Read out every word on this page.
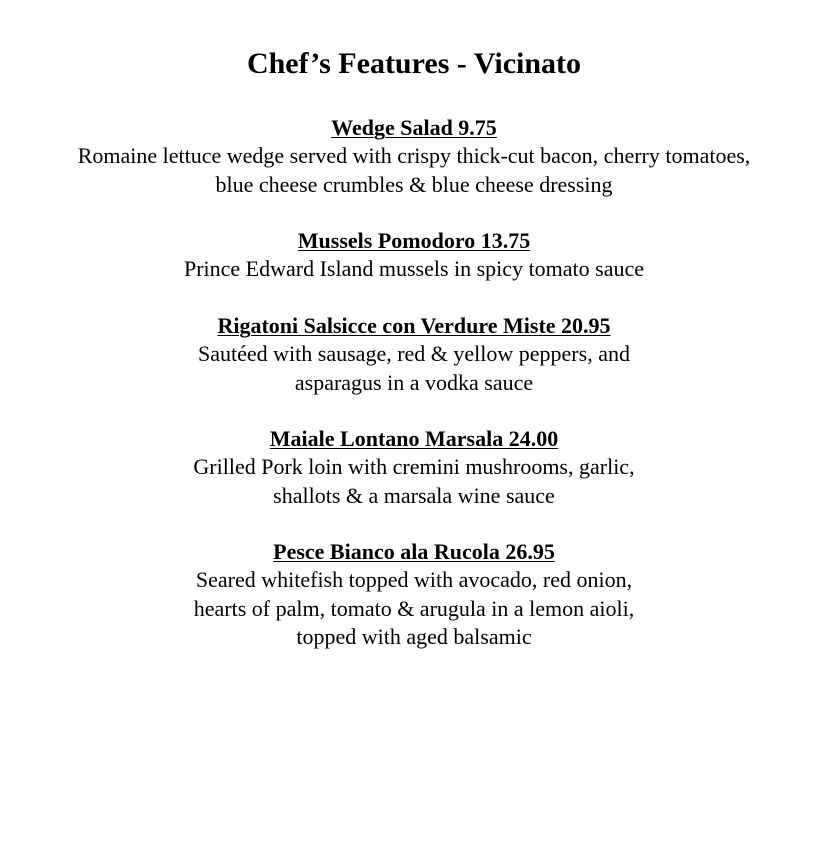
Chef’s Features - Vicinato

Wedge Salad 9.75

Romaine lettuce wedge served with crispy thick-cut bacon, cherry tomatoes,

blue cheese crumbles & blue cheese dressing

Mussels Pomodoro 13.75

Prince Edward Island mussels in spicy tomato sauce

Rigatoni Salsicce con Verdure Miste 20.95

Sautéed with sausage, red & yellow peppers, and

asparagus in a vodka sauce

Maiale Lontano Marsala 24.00

Grilled Pork loin with cremini mushrooms, garlic,

shallots & a marsala wine sauce

Pesce Bianco ala Rucola 26.95

Seared whitefish topped with avocado, red onion,

hearts of palm, tomato & arugula in a lemon aioli,

topped with aged balsamic
